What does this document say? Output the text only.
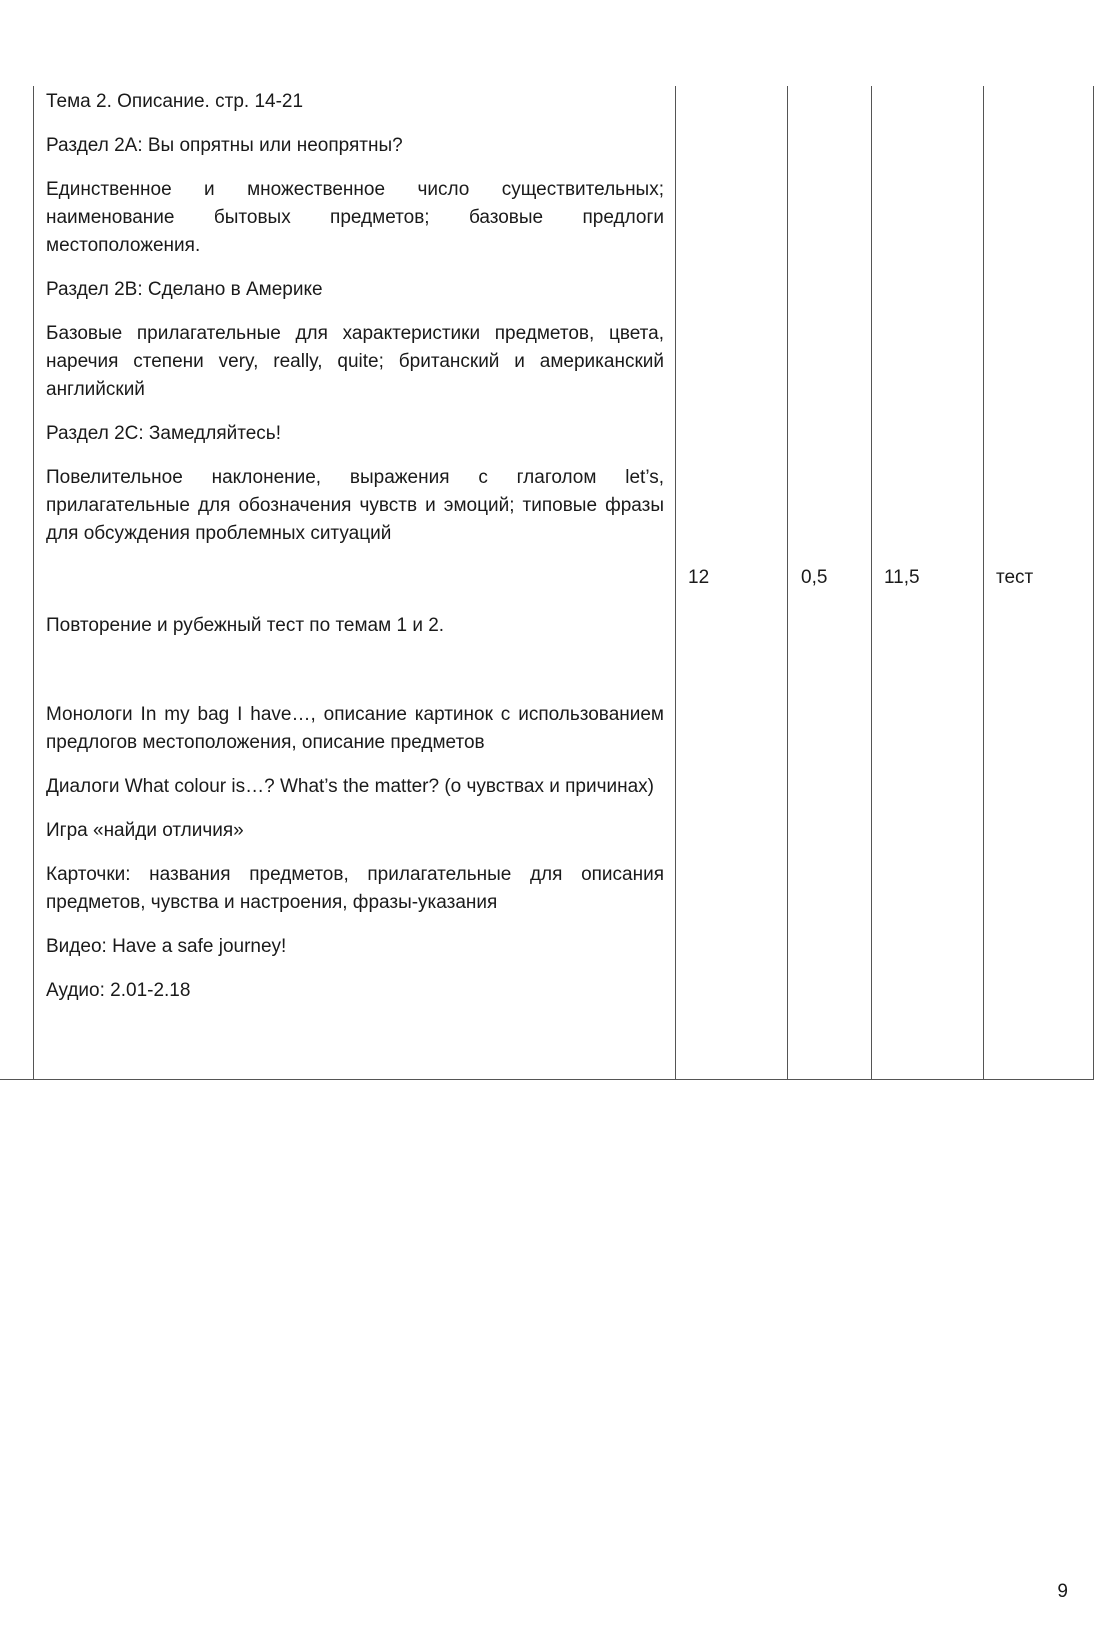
Тема 2. Описание. стр. 14-21

Раздел 2А: Вы опрятны или неопрятны?

Единственное и множественное число существительных; наименование бытовых предметов; базовые предлоги местоположения.

Раздел 2В: Сделано в Америке

Базовые прилагательные для характеристики предметов, цвета, наречия степени very, really, quite; британский и американский английский

Раздел 2С: Замедляйтесь!

Повелительное наклонение, выражения с глаголом let’s, прилагательные для обозначения чувств и эмоций; типовые фразы для обсуждения проблемных ситуаций

Повторение и рубежный тест по темам 1 и 2.

Монологи In my bag I have…, описание картинок с использованием предлогов местоположения, описание предметов

Диалоги What colour is…? What’s the matter? (о чувствах и причинах)

Игра «найди отличия»

Карточки: названия предметов, прилагательные для описания предметов, чувства и настроения, фразы-указания

Видео: Have a safe journey!

Аудио: 2.01-2.18

12	0,5	11,5	тест
9
